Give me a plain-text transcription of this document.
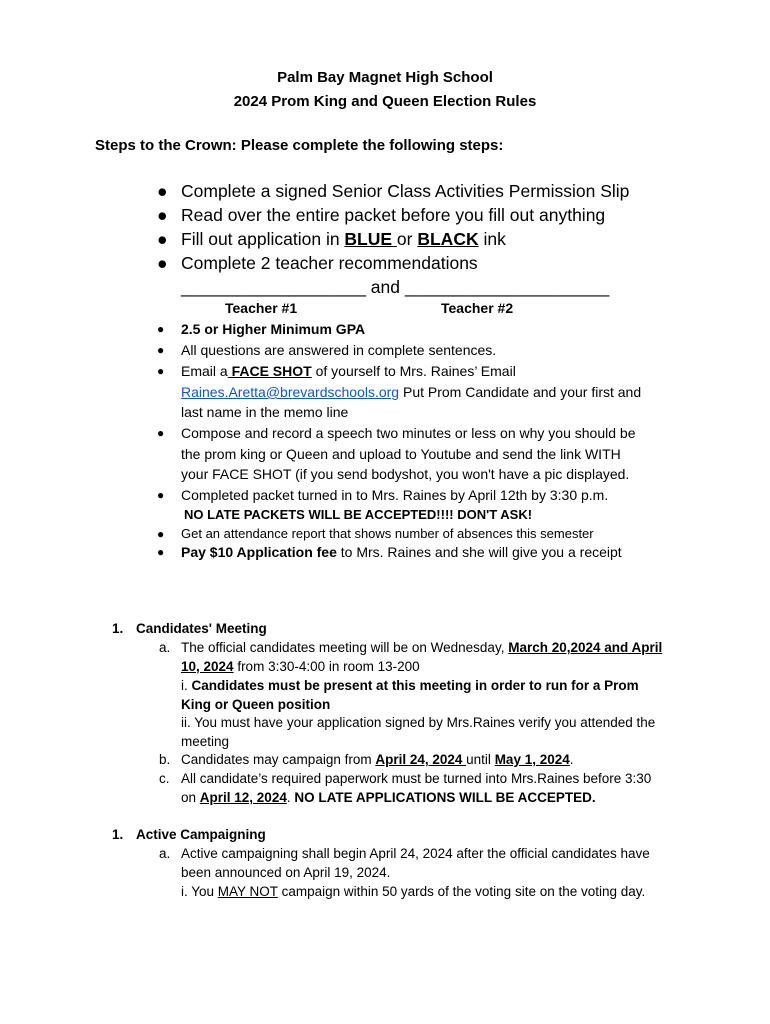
Palm Bay Magnet High School
2024 Prom King and Queen Election Rules
Steps to the Crown: Please complete the following steps:
● Complete a signed Senior Class Activities Permission Slip
● Read over the entire packet before you fill out anything
● Fill out application in BLUE or BLACK ink
● Complete 2 teacher recommendations
___________________ and _____________________
Teacher #1	Teacher #2
● 2.5 or Higher Minimum GPA
● All questions are answered in complete sentences.
● Email a FACE SHOT of yourself to Mrs. Raines’ Email
Raines.Aretta@brevardschools.org Put Prom Candidate and your first and
last name in the memo line
● Compose and record a speech two minutes or less on why you should be
the prom king or Queen and upload to Youtube and send the link WITH
your FACE SHOT (if you send bodyshot, you won't have a pic displayed.
● Completed packet turned in to Mrs. Raines by April 12th by 3:30 p.m.
NO LATE PACKETS WILL BE ACCEPTED!!!! DON'T ASK!
● Get an attendance report that shows number of absences this semester
● Pay $10 Application fee to Mrs. Raines and she will give you a receipt
1. Candidates' Meeting
a. The official candidates meeting will be on Wednesday, March 20,2024 and April
10, 2024 from 3:30-4:00 in room 13-200
i. Candidates must be present at this meeting in order to run for a Prom
King or Queen position
ii. You must have your application signed by Mrs.Raines verify you attended the
meeting
b. Candidates may campaign from April 24, 2024 until May 1, 2024.
c. All candidate’s required paperwork must be turned into Mrs.Raines before 3:30
on April 12, 2024. NO LATE APPLICATIONS WILL BE ACCEPTED.
1. Active Campaigning
a. Active campaigning shall begin April 24, 2024 after the official candidates have
been announced on April 19, 2024.
i. You MAY NOT campaign within 50 yards of the voting site on the voting day.
